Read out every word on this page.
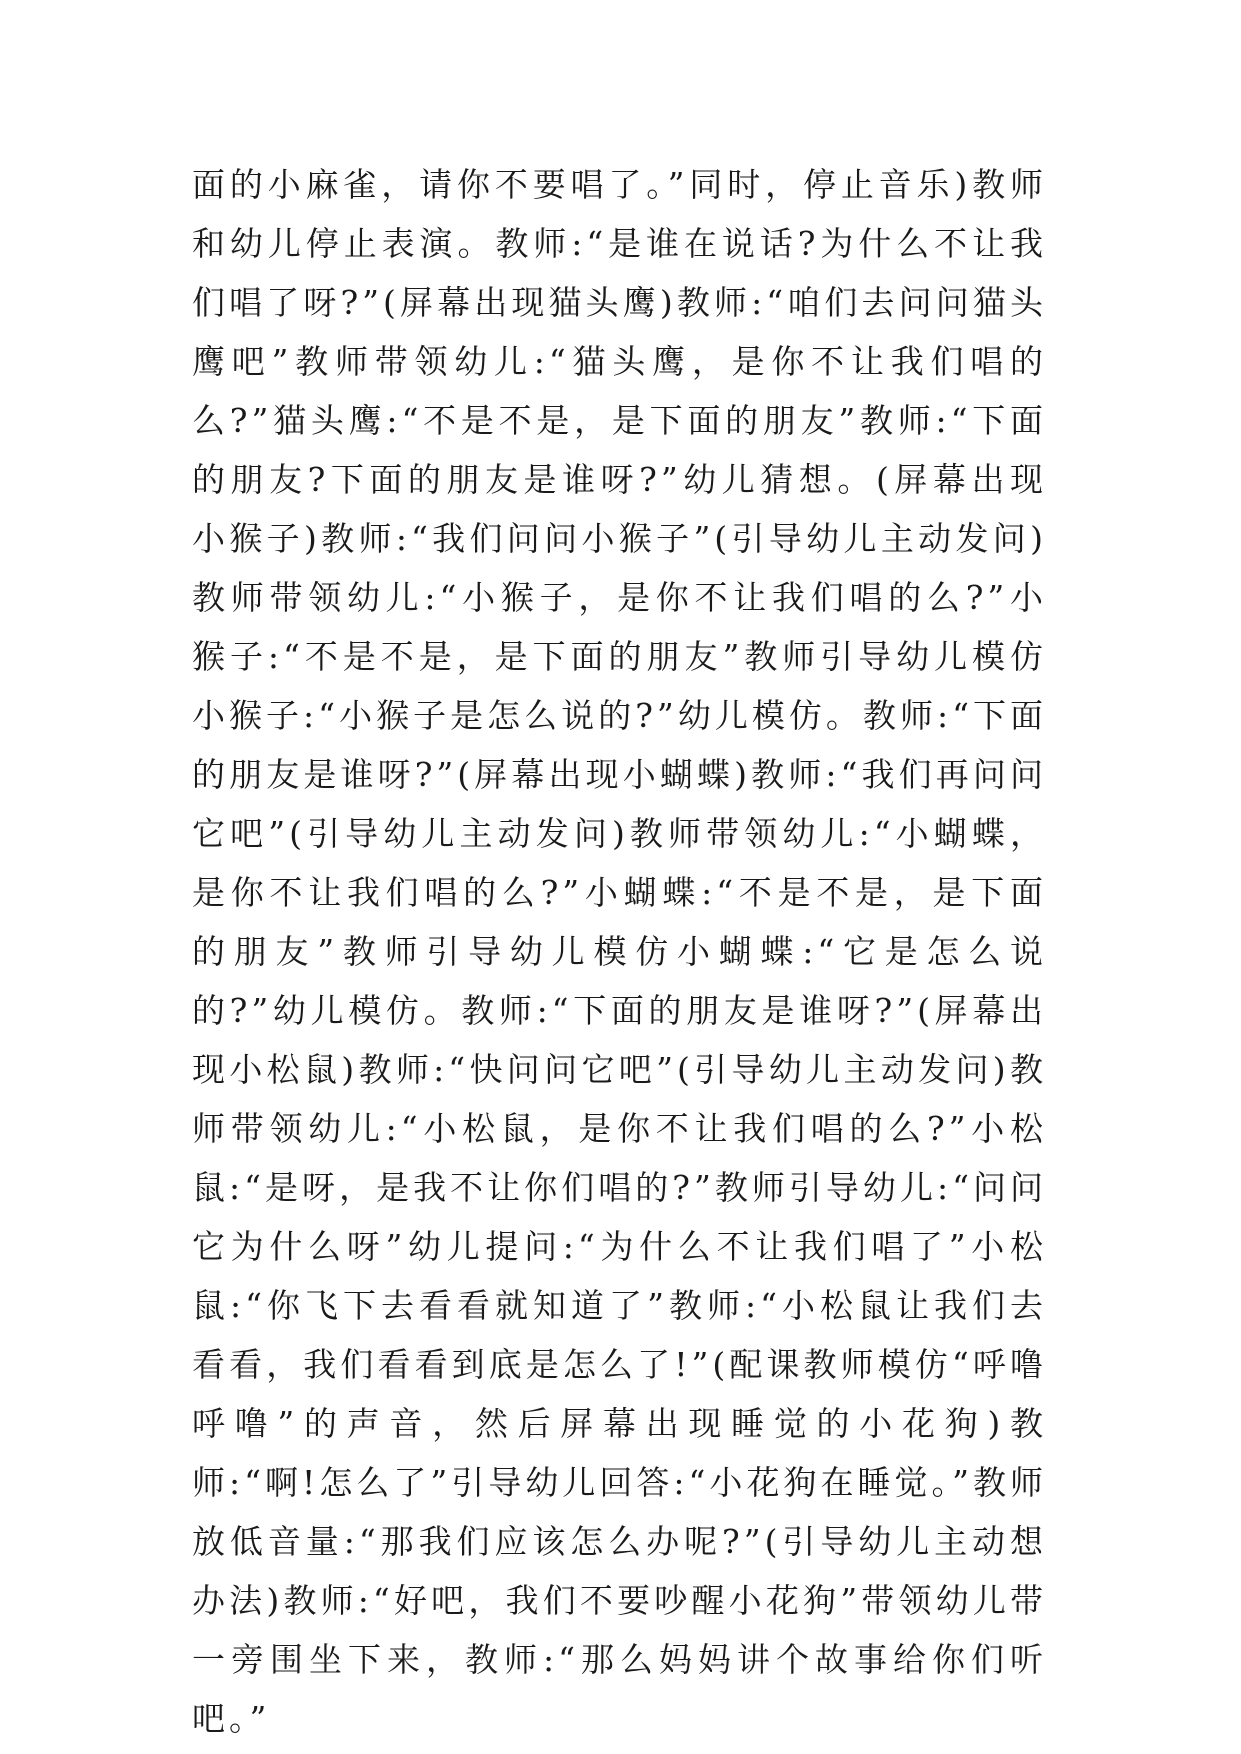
面的小麻雀，请你不要唱了。”同时，停止音乐)教师和幼儿停止表演。教师:“是谁在说话?为什么不让我们唱了呀?”(屏幕出现猫头鹰)教师:“咱们去问问猫头鹰吧”教师带领幼儿:“猫头鹰，是你不让我们唱的么?”猫头鹰:“不是不是，是下面的朋友”教师:“下面的朋友?下面的朋友是谁呀?”幼儿猜想。(屏幕出现小猴子)教师:“我们问问小猴子”(引导幼儿主动发问)教师带领幼儿:“小猴子，是你不让我们唱的么?”小猴子:“不是不是，是下面的朋友”教师引导幼儿模仿小猴子:“小猴子是怎么说的?”幼儿模仿。教师:“下面的朋友是谁呀?”(屏幕出现小蝴蝶)教师:“我们再问问它吧”(引导幼儿主动发问)教师带领幼儿:“小蝴蝶，是你不让我们唱的么?”小蝴蝶:“不是不是，是下面的朋友”教师引导幼儿模仿小蝴蝶:“它是怎么说的?”幼儿模仿。教师:“下面的朋友是谁呀?”(屏幕出现小松鼠)教师:“快问问它吧”(引导幼儿主动发问)教师带领幼儿:“小松鼠，是你不让我们唱的么?”小松鼠:“是呀，是我不让你们唱的?”教师引导幼儿:“问问它为什么呀”幼儿提问:“为什么不让我们唱了”小松鼠:“你飞下去看看就知道了”教师:“小松鼠让我们去看看，我们看看到底是怎么了!”(配课教师模仿“呼噜呼噜”的声音，然后屏幕出现睡觉的小花狗)教师:“啊!怎么了”引导幼儿回答:“小花狗在睡觉。”教师放低音量:“那我们应该怎么办呢?”(引导幼儿主动想办法)教师:“好吧，我们不要吵醒小花狗”带领幼儿带一旁围坐下来，教师:“那么妈妈讲个故事给你们听吧。”
